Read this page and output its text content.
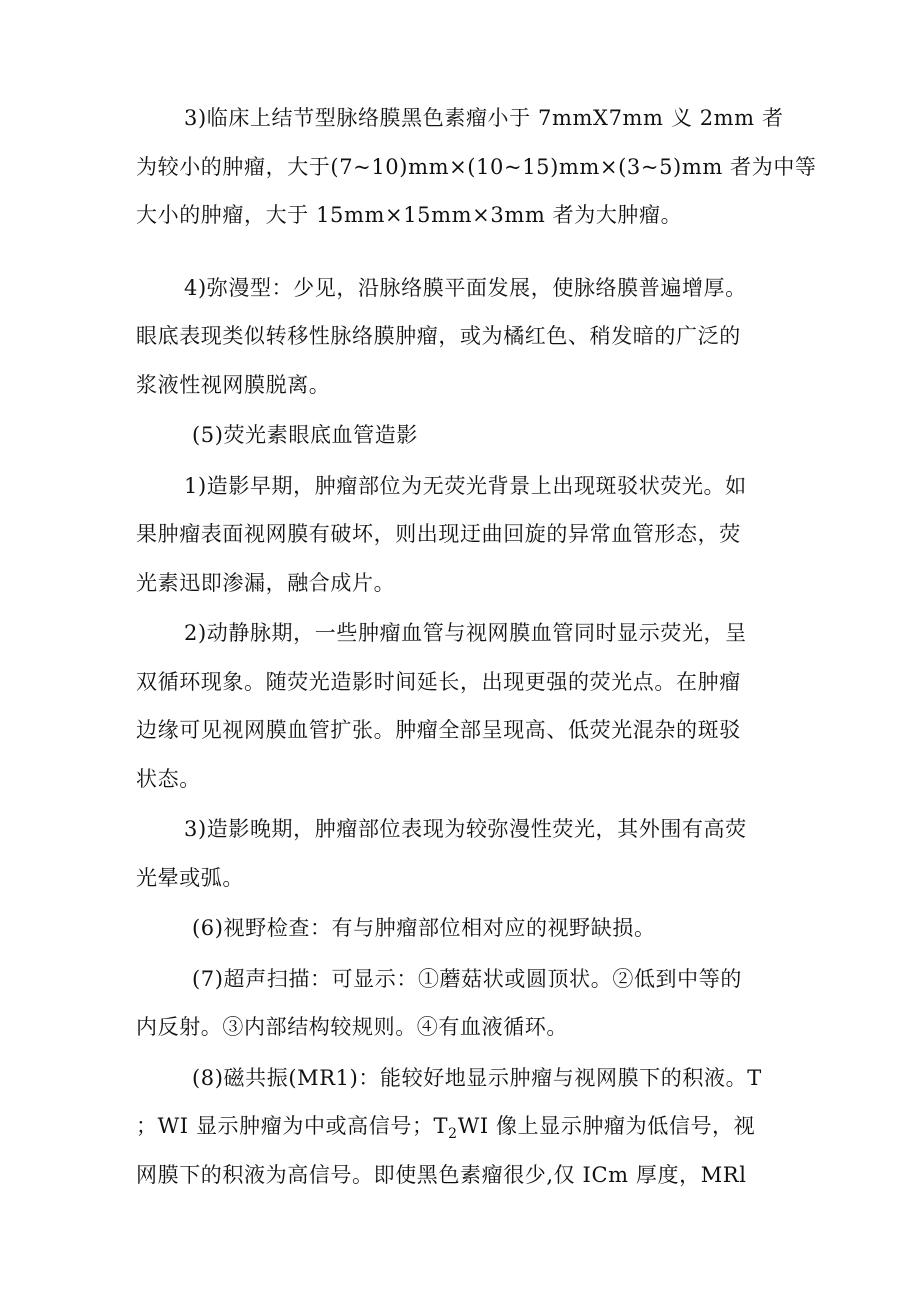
3)临床上结节型脉络膜黑色素瘤小于 7mmX7mm 义 2mm 者
为较小的肿瘤，大于(7~10)mm×(10~15)mm×(3~5)mm 者为中等
大小的肿瘤，大于 15mm×15mm×3mm 者为大肿瘤。

4)弥漫型：少见，沿脉络膜平面发展，使脉络膜普遍增厚。
眼底表现类似转移性脉络膜肿瘤，或为橘红色、稍发暗的广泛的
浆液性视网膜脱离。

(5)荧光素眼底血管造影

1)造影早期，肿瘤部位为无荧光背景上出现斑驳状荧光。如
果肿瘤表面视网膜有破坏，则出现迂曲回旋的异常血管形态，荧
光素迅即渗漏，融合成片。

2)动静脉期，一些肿瘤血管与视网膜血管同时显示荧光，呈
双循环现象。随荧光造影时间延长，出现更强的荧光点。在肿瘤
边缘可见视网膜血管扩张。肿瘤全部呈现高、低荧光混杂的斑驳
状态。

3)造影晚期，肿瘤部位表现为较弥漫性荧光，其外围有高荧
光晕或弧。

(6)视野检查：有与肿瘤部位相对应的视野缺损。

(7)超声扫描：可显示：①蘑菇状或圆顶状。②低到中等的
内反射。③内部结构较规则。④有血液循环。

(8)磁共振(MR1)：能较好地显示肿瘤与视网膜下的积液。T
；WI 显示肿瘤为中或高信号；$T_2WI$ 像上显示肿瘤为低信号，视
网膜下的积液为高信号。即使黑色素瘤很少,仅 ICm 厚度，MRl
